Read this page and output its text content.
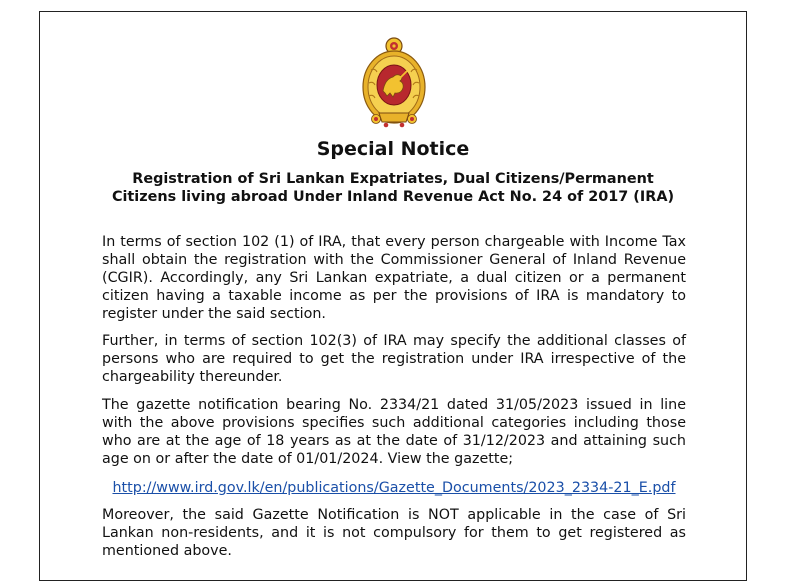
Special Notice
Registration of Sri Lankan Expatriates, Dual Citizens/Permanent
Citizens living abroad Under Inland Revenue Act No. 24 of 2017 (IRA)

In terms of section 102 (1) of IRA, that every person chargeable with Income Tax shall obtain the registration with the Commissioner General of Inland Revenue (CGIR). Accordingly, any Sri Lankan expatriate, a dual citizen or a permanent citizen having a taxable income as per the provisions of IRA is mandatory to register under the said section.

Further, in terms of section 102(3) of IRA may specify the additional classes of persons who are required to get the registration under IRA irrespective of the chargeability thereunder.

The gazette notification bearing No. 2334/21 dated 31/05/2023 issued in line with the above provisions specifies such additional categories including those who are at the age of 18 years as at the date of 31/12/2023 and attaining such age on or after the date of 01/01/2024. View the gazette;

http://www.ird.gov.lk/en/publications/Gazette_Documents/2023_2334-21_E.pdf

Moreover, the said Gazette Notification is NOT applicable in the case of Sri Lankan non-residents, and it is not compulsory for them to get registered as mentioned above.
